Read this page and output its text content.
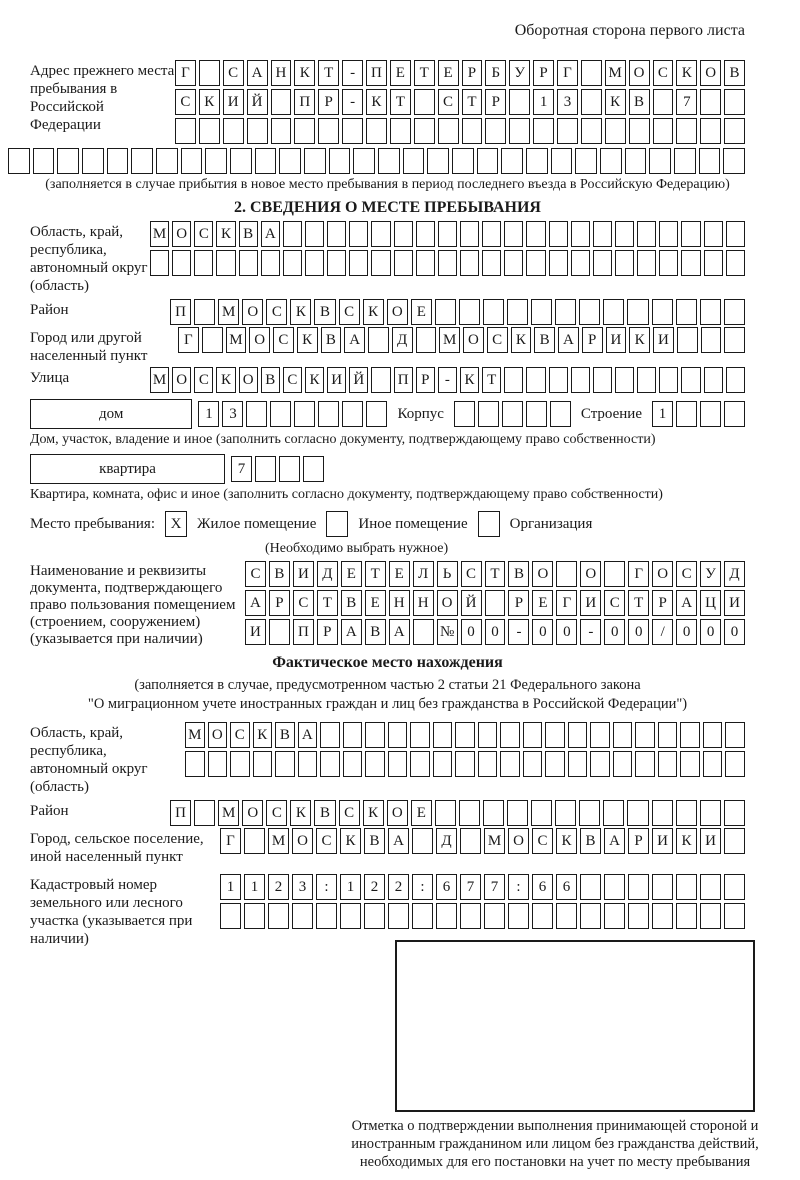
Оборотная сторона первого листа
Адрес прежнего места пребывания в Российской Федерации
Г	С А Н К Т	-	П Е Т Е	Р	Б У Р	Г	М О С К О В
С К И Й	П Р	-	К Т	С Т	Р	1	3	К В	7
(заполняется в случае прибытия в новое место пребывания в период последнего въезда в Российскую Федерацию)
2. СВЕДЕНИЯ О МЕСТЕ ПРЕБЫВАНИЯ
Область, край, республика, автономный округ (область)
М О С К В А
Район	П	М О С К В С К О Е
Город или другой населенный пункт
Г	М О С К В А	Д	М О С К В А Р И К И
Улица	М О С К О В С К И Й П Р	- К Т
дом	1	3	Корпус	Строение	1
Дом, участок, владение и иное (заполнить согласно документу, подтверждающему право собственности)
квартира	7
Квартира, комната, офис и иное (заполнить согласно документу, подтверждающему право собственности)
Место пребывания:	X	Жилое помещение	Иное помещение	Организация
(Необходимо выбрать нужное)
Наименование и реквизиты документа, подтверждающего право пользования помещением (строением, сооружением) (указывается при наличии)
С В И Д Е Т Е Л Ь С Т В О	О	Г О С У Д
А Р С Т В Е Н Н О Й	Р	Е	Г И С Т	Р А Ц И
И	П Р А В А	№ 0	0	-	0	0	-	0	0	/	0	0	0
Фактическое место нахождения
(заполняется в случае, предусмотренном частью 2 статьи 21 Федерального закона
"О миграционном учете иностранных граждан и лиц без гражданства в Российской Федерации")
Область, край, республика, автономный округ (область)
М О С К В А
Район	П	М О С К В С К О Е
Город, сельское поселение, иной населенный пункт
Г	М О С К В А	Д	М О С К В А Р И К И
Кадастровый номер земельного или лесного участка (указывается при наличии)
1	1	2	3	:	1	2	2	:	6	7	7	:	6	6
Отметка о подтверждении выполнения принимающей стороной и иностранным гражданином или лицом без гражданства действий, необходимых для его постановки на учет по месту пребывания
